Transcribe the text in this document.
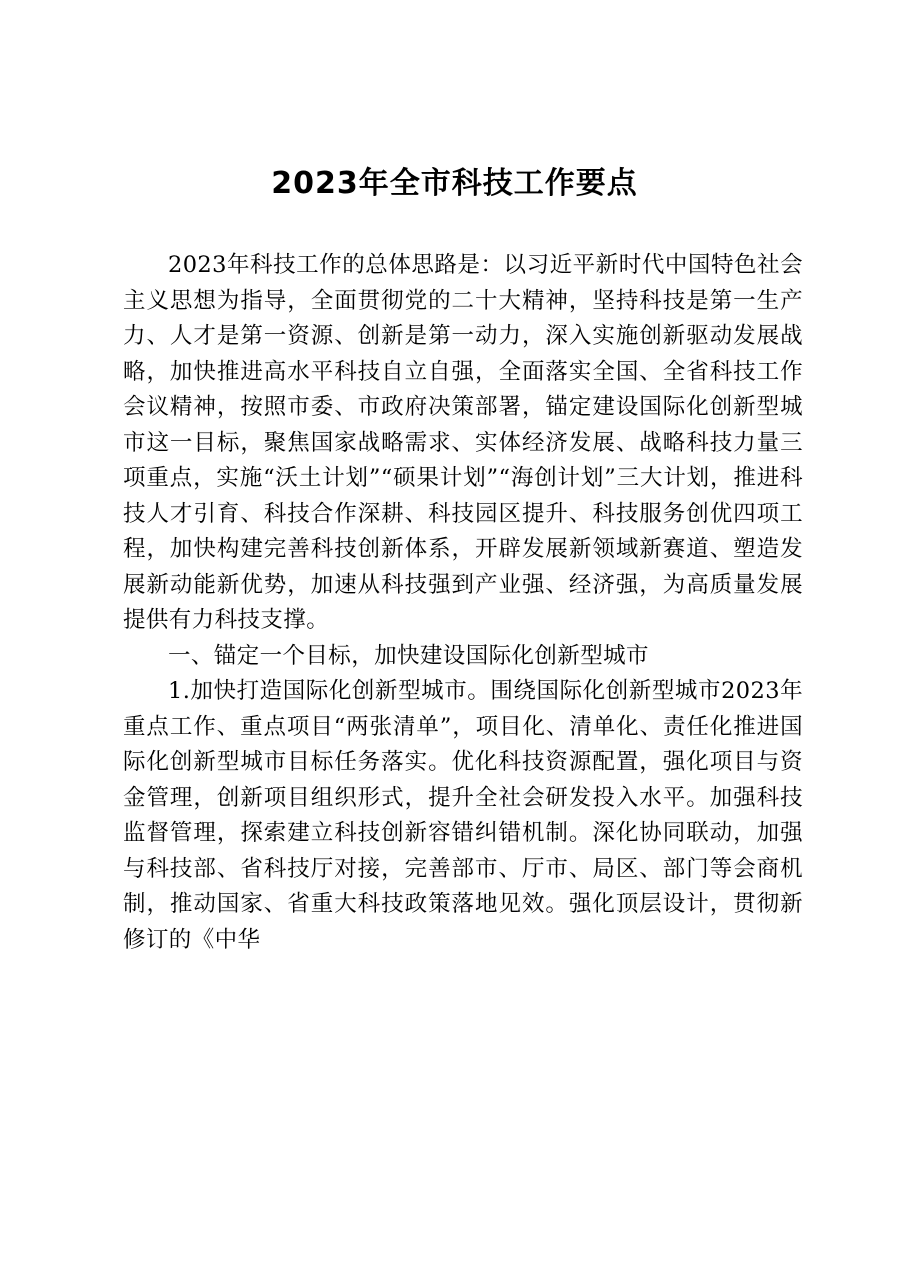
2023年全市科技工作要点

2023年科技工作的总体思路是：以习近平新时代中国特色社会主义思想为指导，全面贯彻党的二十大精神，坚持科技是第一生产力、人才是第一资源、创新是第一动力，深入实施创新驱动发展战略，加快推进高水平科技自立自强，全面落实全国、全省科技工作会议精神，按照市委、市政府决策部署，锚定建设国际化创新型城市这一目标，聚焦国家战略需求、实体经济发展、战略科技力量三项重点，实施“沃土计划”“硕果计划”“海创计划”三大计划，推进科技人才引育、科技合作深耕、科技园区提升、科技服务创优四项工程，加快构建完善科技创新体系，开辟发展新领域新赛道、塑造发展新动能新优势，加速从科技强到产业强、经济强，为高质量发展提供有力科技支撑。

一、锚定一个目标，加快建设国际化创新型城市

1.加快打造国际化创新型城市。围绕国际化创新型城市2023年重点工作、重点项目“两张清单”，项目化、清单化、责任化推进国际化创新型城市目标任务落实。优化科技资源配置，强化项目与资金管理，创新项目组织形式，提升全社会研发投入水平。加强科技监督管理，探索建立科技创新容错纠错机制。深化协同联动，加强与科技部、省科技厅对接，完善部市、厅市、局区、部门等会商机制，推动国家、省重大科技政策落地见效。强化顶层设计，贯彻新修订的《中华
